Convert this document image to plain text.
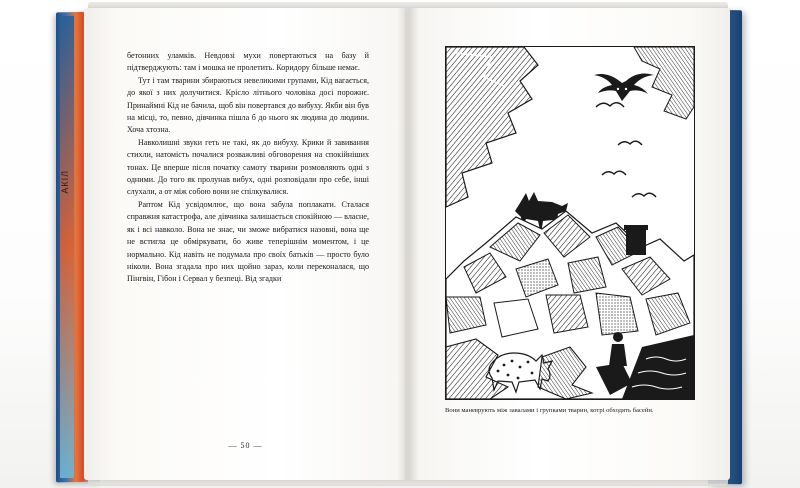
АКІЛ

бетонних уламків. Невдовзі мухи повертаються на базу й підтверджують: там і мошка не пролетить. Коридору більше немає.

Тут і там тварини збираються невеликими групами, Кід вагається, до якої з них долучитися. Крісло літнього чоловіка досі порожнє. Принаймні Кід не бачила, щоб він повертався до вибуху. Якби він був на місці, то, певно, дівчинка пішла б до нього як людина до людини. Хоча хтозна.

Навколишні звуки геть не такі, як до вибуху. Крики й завивання стихли, натомість почалися розважливі обговорення на спокійніших тонах. Це вперше після початку самоту тварини розмовляють одні з одними. До того як пролунав вибух, одні розповідали про себе, інші слухали, а от між собою вони не спілкувалися.

Раптом Кід усвідомлює, що вона забула поплакати. Сталася справжня катастрофа, але дівчинка залишається спокійною — власне, як і всі навколо. Вона не знає, чи зможе вибратися назовні, вона ще не встигла це обміркувати, бо живе теперішнім моментом, і це нормально. Кід навіть не подумала про своїх батьків — просто було ніколи. Вона згадала про них щойно зараз, коли переконалася, що Пінгвін, Гібон і Сервал у безпеці. Від згадки

— 50 —
Вони маневрують між завалами і групками тварин, котрі обходять басейн.
